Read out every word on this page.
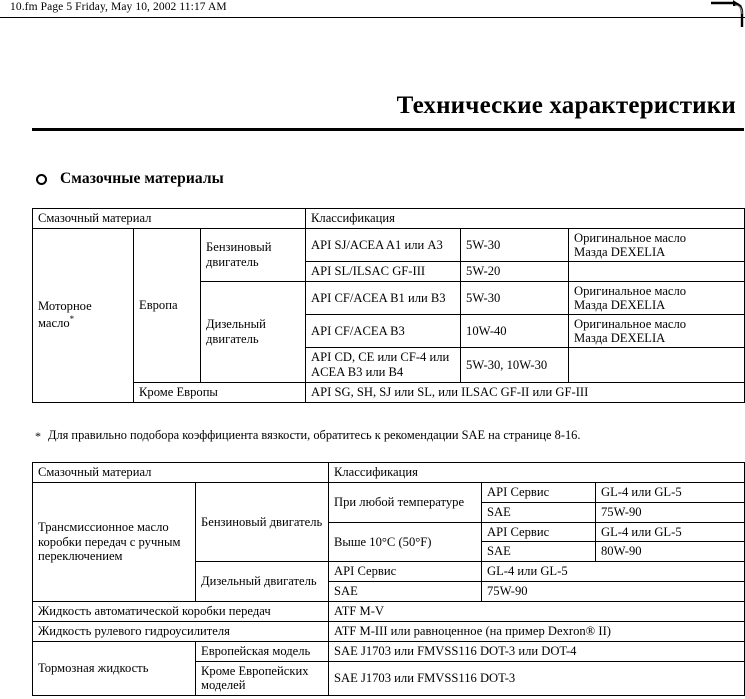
10.fm Page 5 Friday, May 10, 2002 11:17 AM
Технические характеристики
Смазочные материалы
Смазочный материал			Классификация		
Моторное масло*	Европа	Бензиновый двигатель	API SJ/ACEA A1 или A3	5W-30	Оригинальное масло
Мазда DEXELIA
			API SL/ILSAC GF-III	5W-20	
		Дизельный двигатель	API CF/ACEA B1 или B3	5W-30	Оригинальное масло
Мазда DEXELIA
			API CF/ACEA B3	10W-40	Оригинальное масло
Мазда DEXELIA
			API CD, CE или CF-4 или ACEA B3 или B4	5W-30, 10W-30	
	Кроме Европы		API SG, SH, SJ или SL, или ILSAC GF-II или GF-III		
* Для правильно подобора коэффициента вязкости, обратитесь к рекомендации SAE на странице 8-16.
Смазочный материал		Классификация		
Трансмиссионное масло коробки передач с ручным переключением	Бензиновый двигатель	При любой температуре	API Сервис	GL-4 или GL-5
			SAE	75W-90
		Выше 10°C (50°F)	API Сервис	GL-4 или GL-5
			SAE	80W-90
	Дизельный двигатель	API Сервис	GL-4 или GL-5	
		SAE	75W-90	
Жидкость автоматической коробки передач		ATF M-V		
Жидкость рулевого гидроусилителя		ATF M-III или равноценное (на пример Dexron® II)		
Тормозная жидкость	Европейская модель	SAE J1703 или FMVSS116 DOT-3 или DOT-4		
	Кроме Европейских моделей	SAE J1703 или FMVSS116 DOT-3		
